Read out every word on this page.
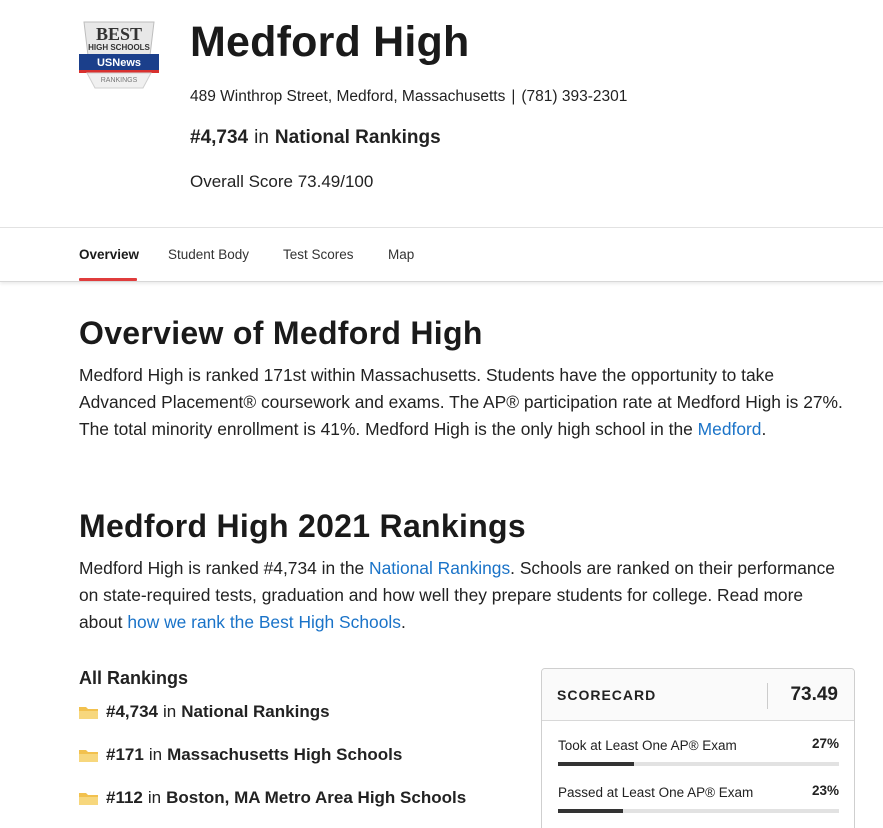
BEST
HIGH SCHOOLS
USNews
RANKINGS
Medford High
489 Winthrop Street, Medford, Massachusetts | (781) 393-2301
#4,734 in National Rankings
Overall Score 73.49/100
Overview Student Body	Test Scores	Map
Overview of Medford High
Medford High is ranked 171st within Massachusetts. Students have the opportunity to take Advanced Placement® coursework and exams. The AP® participation rate at Medford High is 27%. The total minority enrollment is 41%. Medford High is the only high school in the Medford.
Medford High 2021 Rankings
Medford High is ranked #4,734 in the National Rankings. Schools are ranked on their performance on state-required tests, graduation and how well they prepare students for college. Read more about how we rank the Best High Schools.
All Rankings
#4,734 in National Rankings
#171 in Massachusetts High Schools
#112 in Boston, MA Metro Area High Schools
SCORECARD	73.49
Took at Least One AP® Exam	27%
Passed at Least One AP® Exam	23%
